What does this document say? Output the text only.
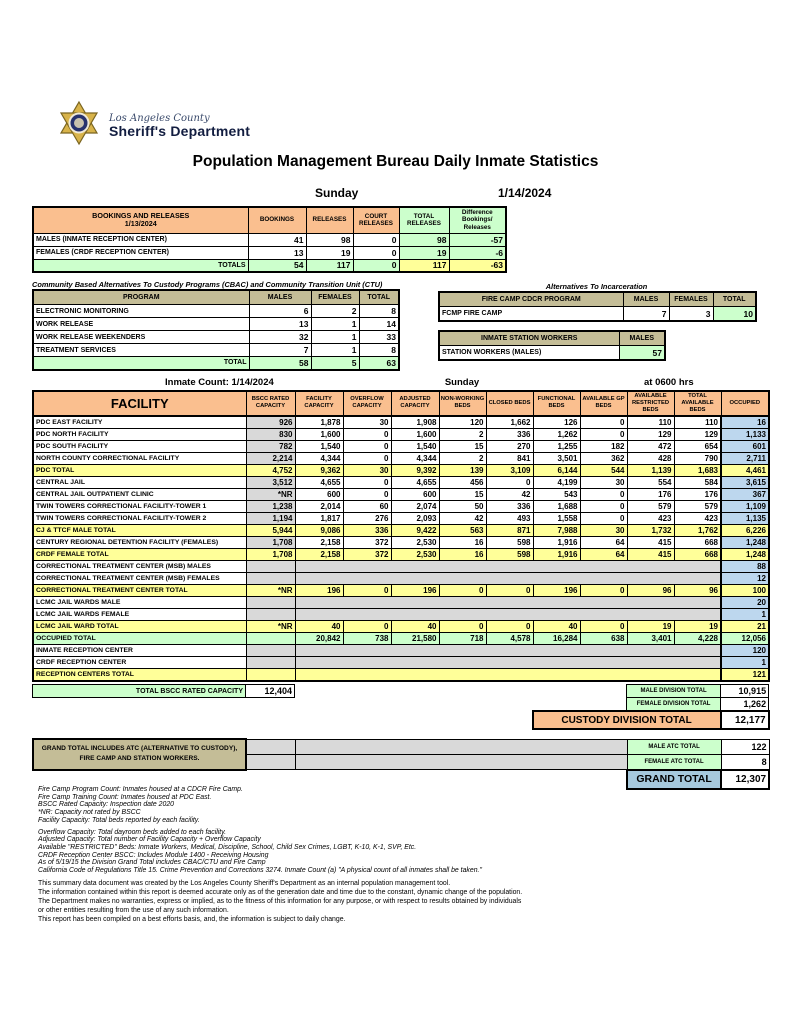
Los Angeles County
Sheriff's Department
Population Management Bureau Daily Inmate Statistics
Sunday	1/14/2024
BOOKINGS AND RELEASES
1/13/2024	BOOKINGS	RELEASES	COURT RELEASES	TOTAL RELEASES	Difference Bookings/ Releases
MALES (INMATE RECEPTION CENTER)	41	98	0	98	-57
FEMALES (CRDF RECEPTION CENTER)	13	19	0	19	-6
TOTALS	54	117	0	117	-63
Community Based Alternatives To Custody Programs (CBAC) and Community Transition Unit (CTU)
PROGRAM	MALES	FEMALES	TOTAL
ELECTRONIC MONITORING	6	2	8
WORK RELEASE	13	1	14
WORK RELEASE WEEKENDERS	32	1	33
TREATMENT SERVICES	7	1	8
TOTAL	58	5	63
Alternatives To Incarceration
FIRE CAMP CDCR PROGRAM	MALES	FEMALES	TOTAL
FCMP FIRE CAMP	7	3	10
INMATE STATION WORKERS	MALES
STATION WORKERS (MALES)	57
Inmate Count: 1/14/2024	Sunday	at 0600 hrs
FACILITY	BSCC RATED CAPACITY	FACILITY CAPACITY	OVERFLOW CAPACITY	ADJUSTED CAPACITY	NON-WORKING BEDS	CLOSED BEDS	FUNCTIONAL BEDS	AVAILABLE GP BEDS	AVAILABLE RESTRICTED BEDS	TOTAL AVAILABLE BEDS	OCCUPIED
PDC EAST FACILITY	926	1,878	30	1,908	120	1,662	126	0	110	110	16
PDC NORTH FACILITY	830	1,600	0	1,600	2	336	1,262	0	129	129	1,133
PDC SOUTH FACILITY	782	1,540	0	1,540	15	270	1,255	182	472	654	601
NORTH COUNTY CORRECTIONAL FACILITY	2,214	4,344	0	4,344	2	841	3,501	362	428	790	2,711
PDC TOTAL	4,752	9,362	30	9,392	139	3,109	6,144	544	1,139	1,683	4,461
CENTRAL JAIL	3,512	4,655	0	4,655	456	0	4,199	30	554	584	3,615
CENTRAL JAIL OUTPATIENT CLINIC	*NR	600	0	600	15	42	543	0	176	176	367
TWIN TOWERS CORRECTIONAL FACILITY-TOWER 1	1,238	2,014	60	2,074	50	336	1,688	0	579	579	1,109
TWIN TOWERS CORRECTIONAL FACILITY-TOWER 2	1,194	1,817	276	2,093	42	493	1,558	0	423	423	1,135
CJ & TTCF MALE TOTAL	5,944	9,086	336	9,422	563	871	7,988	30	1,732	1,762	6,226
CENTURY REGIONAL DETENTION FACILITY (FEMALES)	1,708	2,158	372	2,530	16	598	1,916	64	415	668	1,248
CRDF FEMALE TOTAL	1,708	2,158	372	2,530	16	598	1,916	64	415	668	1,248
CORRECTIONAL TREATMENT CENTER (MSB) MALES											88
CORRECTIONAL TREATMENT CENTER (MSB) FEMALES											12
CORRECTIONAL TREATMENT CENTER TOTAL	*NR	196	0	196	0	0	196	0	96	96	100
LCMC JAIL WARDS MALE											20
LCMC JAIL WARDS FEMALE											1
LCMC JAIL WARD TOTAL	*NR	40	0	40	0	0	40	0	19	19	21
OCCUPIED TOTAL		20,842	738	21,580	718	4,578	16,284	638	3,401	4,228	12,056
INMATE RECEPTION CENTER											120
CRDF RECEPTION CENTER											1
RECEPTION CENTERS TOTAL											121
TOTAL BSCC RATED CAPACITY	12,404			MALE DIVISION TOTAL	10,915
				FEMALE DIVISION TOTAL	1,262
			CUSTODY DIVISION TOTAL		12,177
GRAND TOTAL INCLUDES ATC (ALTERNATIVE TO CUSTODY), FIRE CAMP AND STATION WORKERS.			MALE ATC TOTAL	122
			FEMALE ATC TOTAL	8
			GRAND TOTAL	12,307
Fire Camp Program Count: Inmates housed at a CDCR Fire Camp.
Fire Camp Training Count: Inmates housed at PDC East.
BSCC Rated Capacity: Inspection date 2020
*NR: Capacity not rated by BSCC
Facility Capacity: Total beds reported by each facility.
Overflow Capacity: Total dayroom beds added to each facility.
Adjusted Capacity: Total number of Facility Capacity + Overflow Capacity
Available "RESTRICTED" Beds: Inmate Workers, Medical, Discipline, School, Child Sex Crimes, LGBT, K-10, K-1, SVP, Etc.
CRDF Reception Center BSCC: Includes Module 1400 - Receiving Housing
As of 5/19/15 the Division Grand Total includes CBAC/CTU and Fire Camp
California Code of Regulations Title 15. Crime Prevention and Corrections 3274. Inmate Count (a) "A physical count of all inmates shall be taken."
This summary data document was created by the Los Angeles County Sheriff's Department as an internal population management tool.
The information contained within this report is deemed accurate only as of the generation date and time due to the constant, dynamic change of the population.
The Department makes no warranties, express or implied, as to the fitness of this information for any purpose, or with respect to results obtained by individuals
or other entities resulting from the use of any such information.
This report has been compiled on a best efforts basis, and, the information is subject to daily change.
